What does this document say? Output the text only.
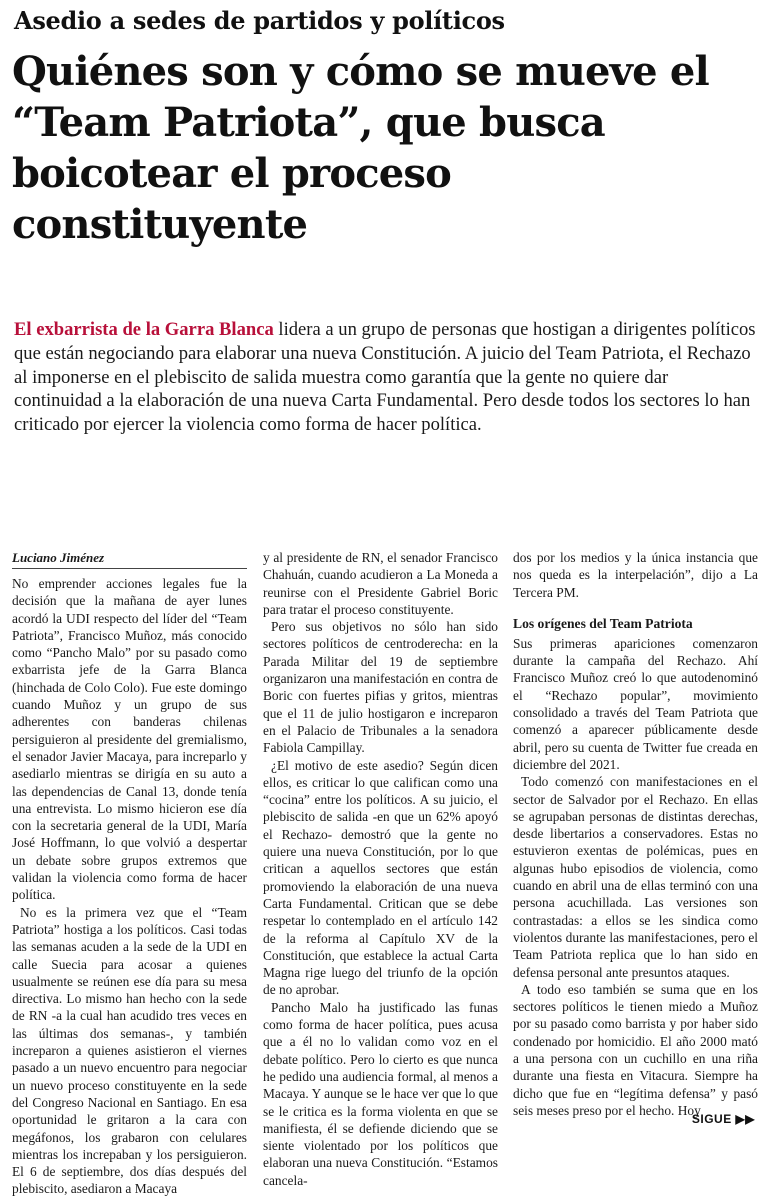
Asedio a sedes de partidos y políticos
Quiénes son y cómo se mueve el “Team Patriota”, que busca boicotear el proceso constituyente

El exbarrista de la Garra Blanca lidera a un grupo de personas que hostigan a dirigentes políticos que están negociando para elaborar una nueva Constitución. A juicio del Team Patriota, el Rechazo al imponerse en el plebiscito de salida muestra como garantía que la gente no quiere dar continuidad a la elaboración de una nueva Carta Fundamental. Pero desde todos los sectores lo han criticado por ejercer la violencia como forma de hacer política.

Luciano Jiménez

No emprender acciones legales fue la decisión que la mañana de ayer lunes acordó la UDI respecto del líder del “Team Patriota”, Francisco Muñoz, más conocido como “Pancho Malo” por su pasado como exbarrista jefe de la Garra Blanca (hinchada de Colo Colo). Fue este domingo cuando Muñoz y un grupo de sus adherentes con banderas chilenas persiguieron al presidente del gremialismo, el senador Javier Macaya, para increparlo y asediarlo mientras se dirigía en su auto a las dependencias de Canal 13, donde tenía una entrevista. Lo mismo hicieron ese día con la secretaria general de la UDI, María José Hoffmann, lo que volvió a despertar un debate sobre grupos extremos que validan la violencia como forma de hacer política.

No es la primera vez que el “Team Patriota” hostiga a los políticos. Casi todas las semanas acuden a la sede de la UDI en calle Suecia para acosar a quienes usualmente se reúnen ese día para su mesa directiva. Lo mismo han hecho con la sede de RN -a la cual han acudido tres veces en las últimas dos semanas-, y también increparon a quienes asistieron el viernes pasado a un nuevo encuentro para negociar un nuevo proceso constituyente en la sede del Congreso Nacional en Santiago. En esa oportunidad le gritaron a la cara con megáfonos, los grabaron con celulares mientras los increpaban y los persiguieron. El 6 de septiembre, dos días después del plebiscito, asediaron a Macaya

y al presidente de RN, el senador Francisco Chahuán, cuando acudieron a La Moneda a reunirse con el Presidente Gabriel Boric para tratar el proceso constituyente.

Pero sus objetivos no sólo han sido sectores políticos de centroderecha: en la Parada Militar del 19 de septiembre organizaron una manifestación en contra de Boric con fuertes pifias y gritos, mientras que el 11 de julio hostigaron e increparon en el Palacio de Tribunales a la senadora Fabiola Campillay.

¿El motivo de este asedio? Según dicen ellos, es criticar lo que califican como una “cocina” entre los políticos. A su juicio, el plebiscito de salida -en que un 62% apoyó el Rechazo- demostró que la gente no quiere una nueva Constitución, por lo que critican a aquellos sectores que están promoviendo la elaboración de una nueva Carta Fundamental. Critican que se debe respetar lo contemplado en el artículo 142 de la reforma al Capítulo XV de la Constitución, que establece la actual Carta Magna rige luego del triunfo de la opción de no aprobar.

Pancho Malo ha justificado las funas como forma de hacer política, pues acusa que a él no lo validan como voz en el debate político. Pero lo cierto es que nunca he pedido una audiencia formal, al menos a Macaya. Y aunque se le hace ver que lo que se le critica es la forma violenta en que se manifiesta, él se defiende diciendo que se siente violentado por los políticos que elaboran una nueva Constitución. “Estamos cancela-

dos por los medios y la única instancia que nos queda es la interpelación”, dijo a La Tercera PM.

Los orígenes del Team Patriota

Sus primeras apariciones comenzaron durante la campaña del Rechazo. Ahí Francisco Muñoz creó lo que autodenominó el “Rechazo popular”, movimiento consolidado a través del Team Patriota que comenzó a aparecer públicamente desde abril, pero su cuenta de Twitter fue creada en diciembre del 2021.

Todo comenzó con manifestaciones en el sector de Salvador por el Rechazo. En ellas se agrupaban personas de distintas derechas, desde libertarios a conservadores. Estas no estuvieron exentas de polémicas, pues en algunas hubo episodios de violencia, como cuando en abril una de ellas terminó con una persona acuchillada. Las versiones son contrastadas: a ellos se les sindica como violentos durante las manifestaciones, pero el Team Patriota replica que lo han sido en defensa personal ante presuntos ataques.

A todo eso también se suma que en los sectores políticos le tienen miedo a Muñoz por su pasado como barrista y por haber sido condenado por homicidio. El año 2000 mató a una persona con un cuchillo en una riña durante una fiesta en Vitacura. Siempre ha dicho que fue en “legítima defensa” y pasó seis meses preso por el hecho. Hoy

SIGUE ▶▶
